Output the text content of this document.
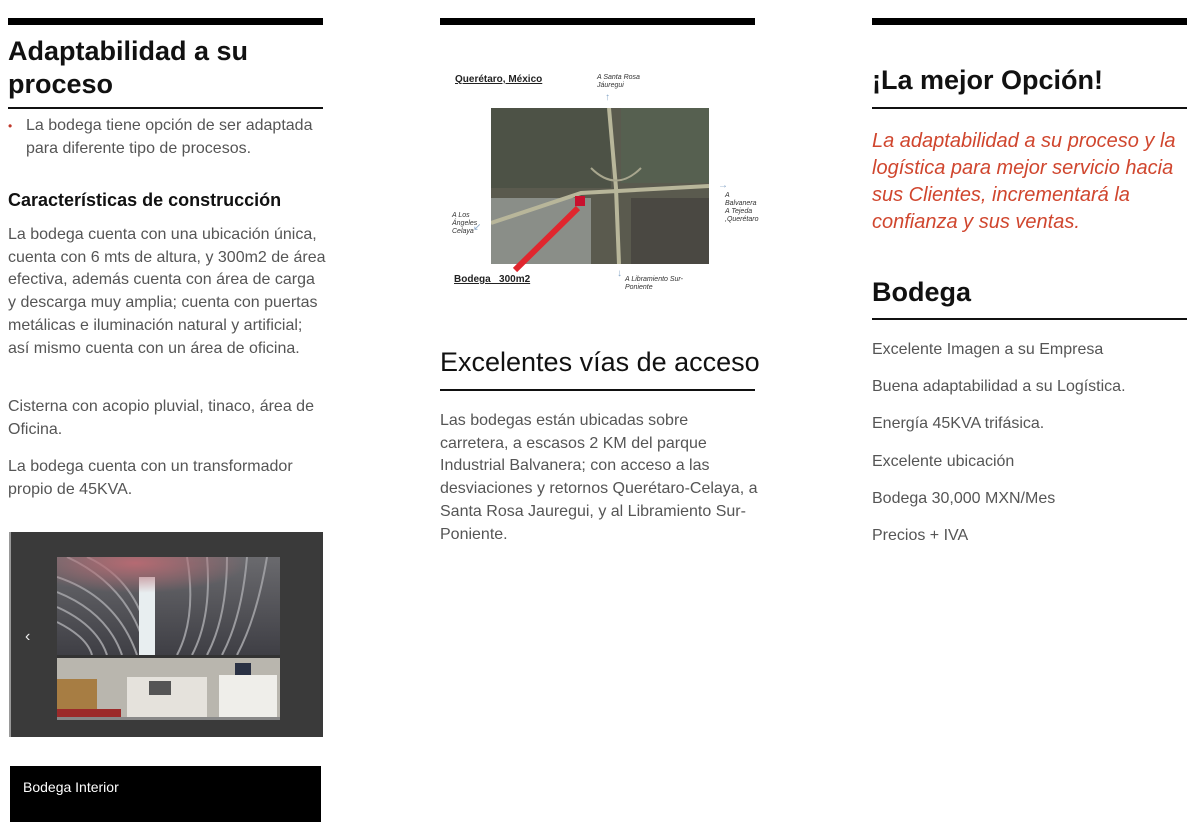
Adaptabilidad a su proceso
• La bodega tiene opción de ser adaptada para diferente tipo de procesos.

Características de construcción

La bodega cuenta con una ubicación única, cuenta con 6 mts de altura, y 300m2 de área efectiva, además cuenta con área de carga y descarga muy amplia; cuenta con puertas metálicas e iluminación natural y artificial; así mismo cuenta con un área de oficina.

Cisterna con acopio pluvial, tinaco, área de Oficina.

La bodega cuenta con un transformador propio de 45KVA.

‹
Bodega Interior
Querétaro, México	A Santa Rosa Jáuregui
↑
→
A Balvanera A Tejeda ,Querétaro
A Los Ángeles Celaya ↙
↓
A Libramiento Sur-Poniente
Bodega   300m2
Excelentes vías de acceso

Las bodegas están ubicadas sobre carretera, a escasos 2 KM del parque Industrial Balvanera; con acceso a las desviaciones y retornos Querétaro-Celaya, a Santa Rosa Jauregui, y al Libramiento Sur-Poniente.

¡La mejor Opción!

La adaptabilidad a su proceso y la logística para mejor servicio hacia sus Clientes, incrementará la confianza y sus ventas.

Bodega
Excelente Imagen a su Empresa
Buena adaptabilidad a su Logística.
Energía 45KVA trifásica.
Excelente ubicación
Bodega 30,000 MXN/Mes
Precios + IVA
